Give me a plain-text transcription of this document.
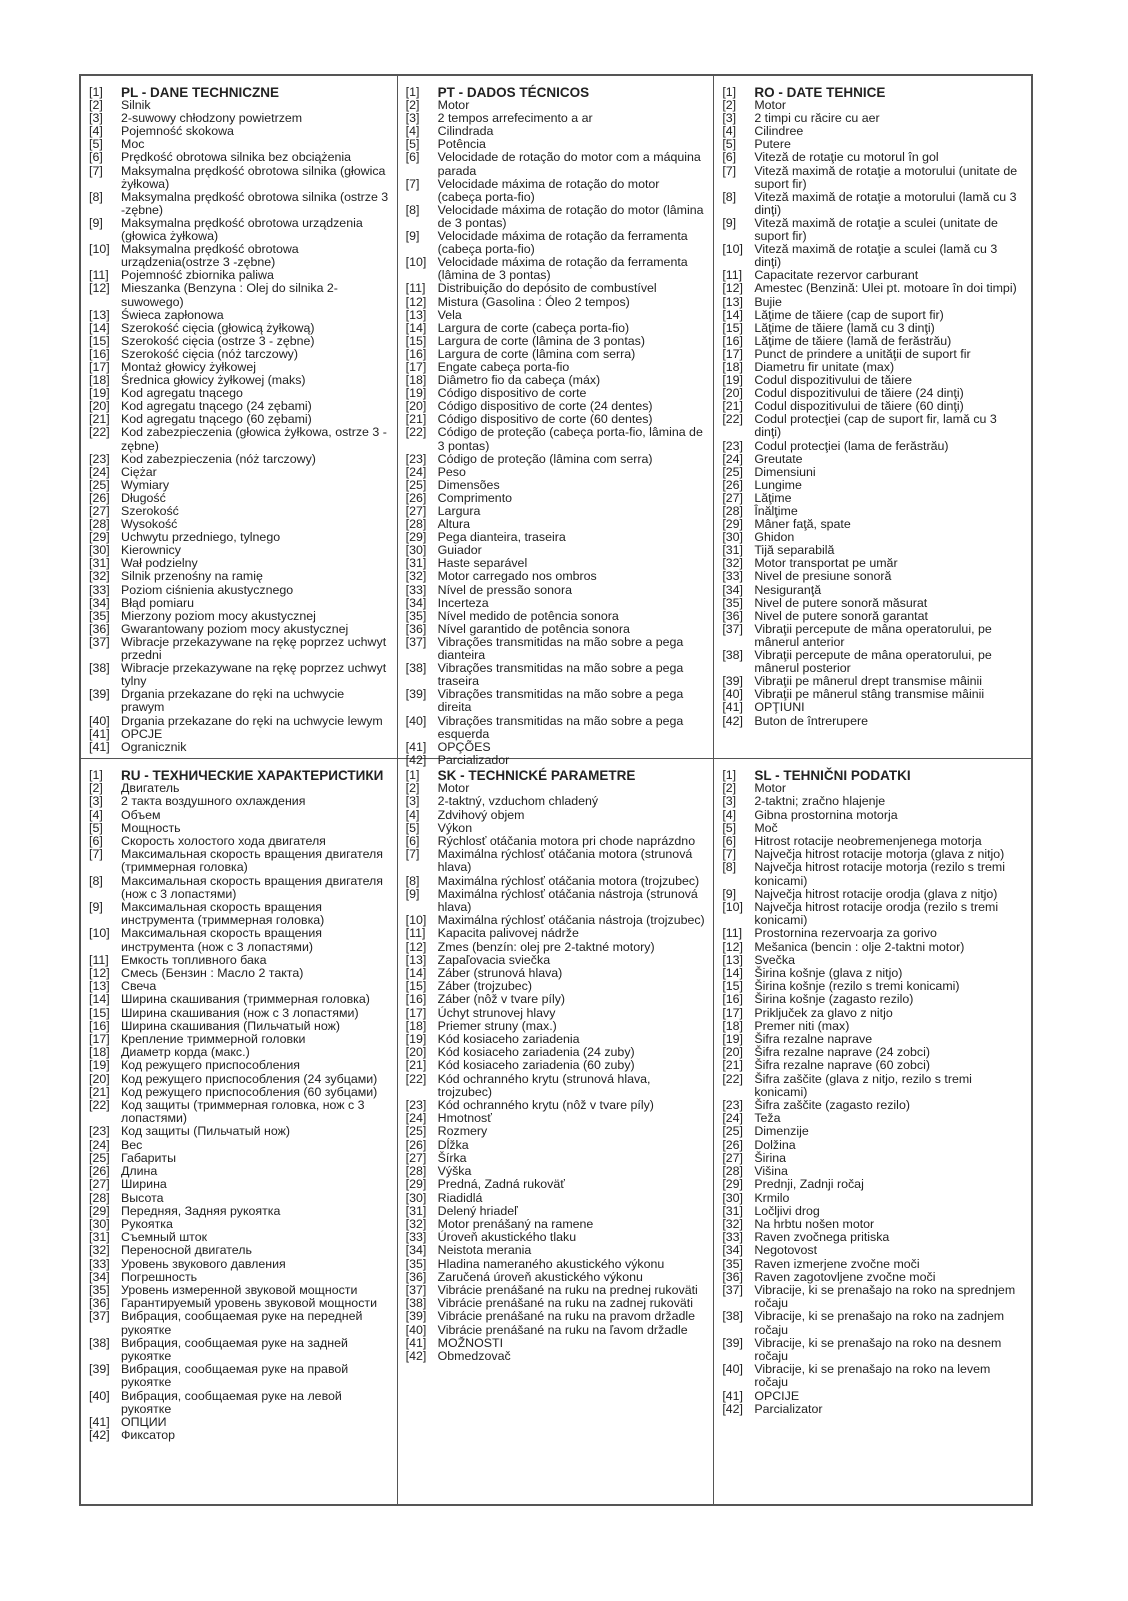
[1]	PL - DANE TECHNICZNE
[2]	Silnik
[3]	2-suwowy chłodzony powietrzem
[4]	Pojemność skokowa
[5]	Moc
[6]	Prędkość obrotowa silnika bez obciążenia
[7]	Maksymalna prędkość obrotowa silnika (głowica żyłkowa)
[8]	Maksymalna prędkość obrotowa silnika (ostrze 3 -zębne)
[9]	Maksymalna prędkość obrotowa urządzenia (głowica żyłkowa)
[10] Maksymalna prędkość obrotowa urządzenia(ostrze 3 -zębne)
[11] Pojemność zbiornika paliwa
[12] Mieszanka (Benzyna : Olej do silnika 2-suwowego)
[13] Świeca zapłonowa
[14] Szerokość cięcia (głowicą żyłkową)
[15] Szerokość cięcia (ostrze 3 - zębne)
[16] Szerokość cięcia (nóż tarczowy)
[17] Montaż głowicy żyłkowej
[18] Średnica głowicy żyłkowej (maks)
[19] Kod agregatu tnącego
[20] Kod agregatu tnącego (24 zębami)
[21] Kod agregatu tnącego (60 zębami)
[22] Kod zabezpieczenia (głowica żyłkowa, ostrze 3 - zębne)
[23] Kod zabezpieczenia (nóż tarczowy)
[24] Ciężar
[25] Wymiary
[26] Długość
[27] Szerokość
[28] Wysokość
[29] Uchwytu przedniego, tylnego
[30] Kierownicy
[31] Wał podzielny
[32] Silnik przenośny na ramię
[33] Poziom ciśnienia akustycznego
[34] Błąd pomiaru
[35] Mierzony poziom mocy akustycznej
[36] Gwarantowany poziom mocy akustycznej
[37] Wibracje przekazywane na rękę poprzez uchwyt przedni
[38] Wibracje przekazywane na rękę poprzez uchwyt tylny
[39] Drgania przekazane do ręki na uchwycie prawym
[40] Drgania przekazane do ręki na uchwycie lewym
[41] OPCJE
[41] Ogranicznik
[1]	PT - DADOS TÉCNICOS
[2]	Motor
[3]	2 tempos arrefecimento a ar
[4]	Cilindrada
[5]	Potência
[6]	Velocidade de rotação do motor com a máquina parada
[7]	Velocidade máxima de rotação do motor (cabeça porta-fio)
[8]	Velocidade máxima de rotação do motor (lâmina de 3 pontas)
[9]	Velocidade máxima de rotação da ferramenta (cabeça porta-fio)
[10] Velocidade máxima de rotação da ferramenta (lâmina de 3 pontas)
[11] Distribuição do depósito de combustível
[12] Mistura (Gasolina : Óleo 2 tempos)
[13] Vela
[14] Largura de corte (cabeça porta-fio)
[15] Largura de corte (lâmina de 3 pontas)
[16] Largura de corte (lâmina com serra)
[17] Engate cabeça porta-fio
[18] Diâmetro fio da cabeça (máx)
[19] Código dispositivo de corte
[20] Código dispositivo de corte (24 dentes)
[21] Código dispositivo de corte (60 dentes)
[22] Código de proteção (cabeça porta-fio, lâmina de 3 pontas)
[23] Código de proteção (lâmina com serra)
[24] Peso
[25] Dimensões
[26] Comprimento
[27] Largura
[28] Altura
[29] Pega dianteira, traseira
[30] Guiador
[31] Haste separável
[32] Motor carregado nos ombros
[33] Nível de pressão sonora
[34] Incerteza
[35] Nível medido de potência sonora
[36] Nível garantido de potência sonora
[37] Vibrações transmitidas na mão sobre a pega dianteira
[38] Vibrações transmitidas na mão sobre a pega traseira
[39] Vibrações transmitidas na mão sobre a pega direita
[40] Vibrações transmitidas na mão sobre a pega esquerda
[41] OPÇÕES
[42] Parcializador
[1]	RO - DATE TEHNICE
[2]	Motor
[3]	2 timpi cu răcire cu aer
[4]	Cilindree
[5]	Putere
[6]	Viteză de rotaţie cu motorul în gol
[7]	Viteză maximă de rotaţie a motorului (unitate de suport fir)
[8]	Viteză maximă de rotaţie a motorului (lamă cu 3 dinţi)
[9]	Viteză maximă de rotaţie a sculei (unitate de suport fir)
[10] Viteză maximă de rotaţie a sculei (lamă cu 3 dinţi)
[11] Capacitate rezervor carburant
[12] Amestec (Benzină: Ulei pt. motoare în doi timpi)
[13] Bujie
[14] Lăţime de tăiere (cap de suport fir)
[15] Lăţime de tăiere (lamă cu 3 dinţi)
[16] Lăţime de tăiere (lamă de ferăstrău)
[17] Punct de prindere a unităţii de suport fir
[18] Diametru fir unitate (max)
[19] Codul dispozitivului de tăiere
[20] Codul dispozitivului de tăiere (24 dinţi)
[21] Codul dispozitivului de tăiere (60 dinţi)
[22] Codul protecţiei (cap de suport fir, lamă cu 3 dinţi)
[23] Codul protecţiei (lama de ferăstrău)
[24] Greutate
[25] Dimensiuni
[26] Lungime
[27] Lăţime
[28] Înălţime
[29] Mâner faţă, spate
[30] Ghidon
[31] Tijă separabilă
[32] Motor transportat pe umăr
[33] Nivel de presiune sonoră
[34] Nesiguranţă
[35] Nivel de putere sonoră măsurat
[36] Nivel de putere sonoră garantat
[37] Vibraţii percepute de mâna operatorului, pe mânerul anterior
[38] Vibraţii percepute de mâna operatorului, pe mânerul posterior
[39] Vibraţii pe mânerul drept transmise mâinii
[40] Vibraţii pe mânerul stâng transmise mâinii
[41] OPŢIUNI
[42] Buton de întrerupere
[1]	RU - ТЕХНИЧЕСКИЕ ХАРАКТЕРИСТИКИ
[2]	Двигатель
[3]	2 такта воздушного охлаждения
[4]	Объем
[5]	Мощность
[6]	Скорость холостого хода двигателя
[7]	Максимальная скорость вращения двигателя (триммерная головка)
[8]	Максимальная скорость вращения двигателя (нож с 3 лопастями)
[9]	Максимальная скорость вращения инструмента (триммерная головка)
[10] Максимальная скорость вращения инструмента (нож с 3 лопастями)
[11] Емкость топливного бака
[12] Смесь (Бензин : Масло 2 такта)
[13] Свеча
[14] Ширина скашивания (триммерная головка)
[15] Ширина скашивания (нож с 3 лопастями)
[16] Ширина скашивания (Пильчатый нож)
[17] Крепление триммерной головки
[18] Диаметр корда (макс.)
[19] Код режущего приспособления
[20] Код режущего приспособления (24 зубцами)
[21] Код режущего приспособления (60 зубцами)
[22] Код защиты (триммерная головка, нож с 3 лопастями)
[23] Код защиты (Пильчатый нож)
[24] Вес
[25] Габариты
[26] Длина
[27] Ширина
[28] Высота
[29] Передняя, Задняя рукоятка
[30] Рукоятка
[31] Съемный шток
[32] Переносной двигатель
[33] Уровень звукового давления
[34] Погрешность
[35] Уровень измеренной звуковой мощности
[36] Гарантируемый уровень звуковой мощности
[37] Вибрация, сообщаемая руке на передней рукоятке
[38] Вибрация, сообщаемая руке на задней рукоятке
[39] Вибрация, сообщаемая руке на правой рукоятке
[40] Вибрация, сообщаемая руке на левой рукоятке
[41] ОПЦИИ
[42] Фиксатор
[1]	SK - TECHNICKÉ PARAMETRE
[2]	Motor
[3]	2-taktný, vzduchom chladený
[4]	Zdvihový objem
[5]	Výkon
[6]	Rýchlosť otáčania motora pri chode naprázdno
[7]	Maximálna rýchlosť otáčania motora (strunová hlava)
[8]	Maximálna rýchlosť otáčania motora (trojzubec)
[9]	Maximálna rýchlosť otáčania nástroja (strunová hlava)
[10] Maximálna rýchlosť otáčania nástroja (trojzubec)
[11] Kapacita palivovej nádrže
[12] Zmes (benzín: olej pre 2-taktné motory)
[13] Zapaľovacia sviečka
[14] Záber (strunová hlava)
[15] Záber (trojzubec)
[16] Záber (nôž v tvare píly)
[17] Úchyt strunovej hlavy
[18] Priemer struny (max.)
[19] Kód kosiaceho zariadenia
[20] Kód kosiaceho zariadenia (24 zuby)
[21] Kód kosiaceho zariadenia (60 zuby)
[22] Kód ochranného krytu (strunová hlava, trojzubec)
[23] Kód ochranného krytu (nôž v tvare píly)
[24] Hmotnosť
[25] Rozmery
[26] Dĺžka
[27] Šírka
[28] Výška
[29] Predná, Zadná rukoväť
[30] Riadidlá
[31] Delený hriadeľ
[32] Motor prenášaný na ramene
[33] Úroveň akustického tlaku
[34] Neistota merania
[35] Hladina nameraného akustického výkonu
[36] Zaručená úroveň akustického výkonu
[37] Vibrácie prenášané na ruku na prednej rukoväti
[38] Vibrácie prenášané na ruku na zadnej rukoväti
[39] Vibrácie prenášané na ruku na pravom držadle
[40] Vibrácie prenášané na ruku na ľavom držadle
[41] MOŽNOSTI
[42] Obmedzovač
[1]	SL - TEHNIČNI PODATKI
[2]	Motor
[3]	2-taktni; zračno hlajenje
[4]	Gibna prostornina motorja
[5]	Moč
[6]	Hitrost rotacije neobremenjenega motorja
[7]	Največja hitrost rotacije motorja (glava z nitjo)
[8]	Največja hitrost rotacije motorja (rezilo s tremi konicami)
[9]	Največja hitrost rotacije orodja (glava z nitjo)
[10] Največja hitrost rotacije orodja (rezilo s tremi konicami)
[11] Prostornina rezervoarja za gorivo
[12] Mešanica (bencin : olje 2-taktni motor)
[13] Svečka
[14] Širina košnje (glava z nitjo)
[15] Širina košnje (rezilo s tremi konicami)
[16] Širina košnje (zagasto rezilo)
[17] Priključek za glavo z nitjo
[18] Premer niti (max)
[19] Šifra rezalne naprave
[20] Šifra rezalne naprave (24 zobci)
[21] Šifra rezalne naprave (60 zobci)
[22] Šifra zaščite (glava z nitjo, rezilo s tremi konicami)
[23] Šifra zaščite (zagasto rezilo)
[24] Teža
[25] Dimenzije
[26] Dolžina
[27] Širina
[28] Višina
[29] Prednji, Zadnji ročaj
[30] Krmilo
[31] Ločljivi drog
[32] Na hrbtu nošen motor
[33] Raven zvočnega pritiska
[34] Negotovost
[35] Raven izmerjene zvočne moči
[36] Raven zagotovljene zvočne moči
[37] Vibracije, ki se prenašajo na roko na sprednjem ročaju
[38] Vibracije, ki se prenašajo na roko na zadnjem ročaju
[39] Vibracije, ki se prenašajo na roko na desnem ročaju
[40] Vibracije, ki se prenašajo na roko na levem ročaju
[41] OPCIJE
[42] Parcializator
